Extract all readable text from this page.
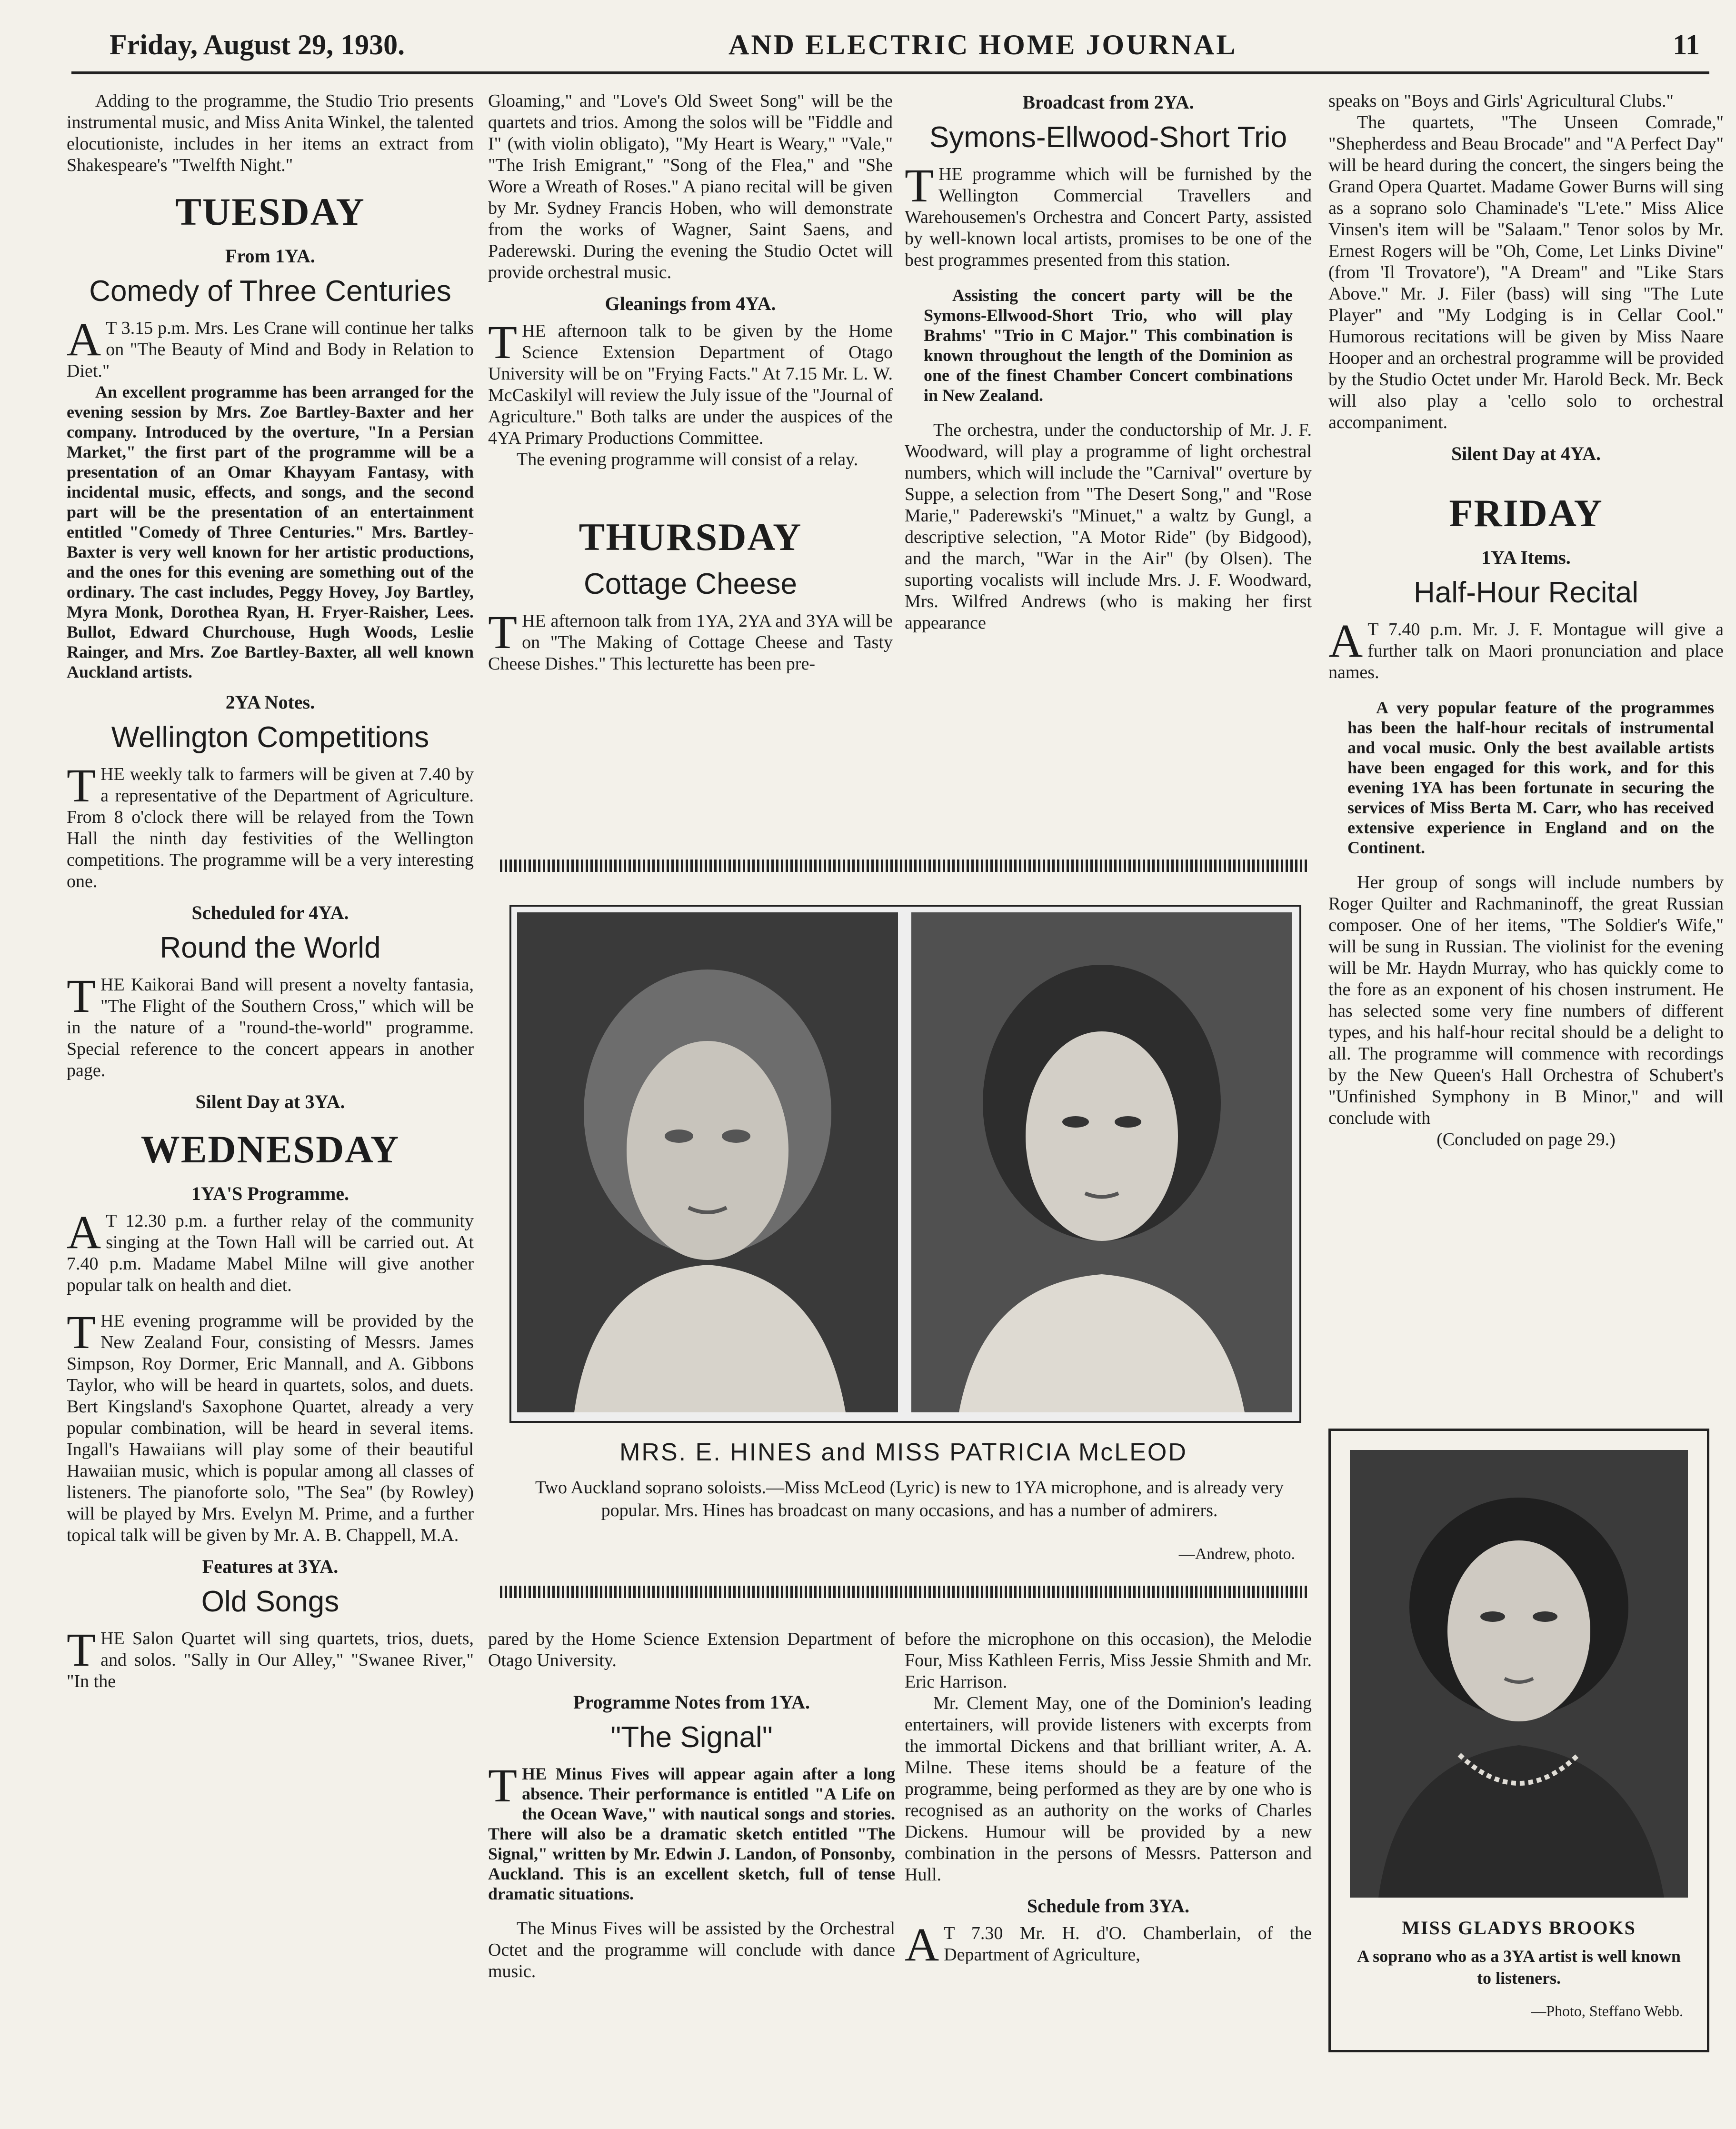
Friday, August 29, 1930.	AND ELECTRIC HOME JOURNAL	11

Adding to the programme, the Studio Trio presents instrumental music, and Miss Anita Winkel, the talented elocutioniste, includes in her items an extract from Shakespeare's "Twelfth Night."

TUESDAY
From 1YA.
Comedy of Three Centuries

A T 3.15 p.m. Mrs. Les Crane will continue her talks on "The Beauty of Mind and Body in Relation to Diet."

An excellent programme has been arranged for the evening session by Mrs. Zoe Bartley-Baxter and her company. Introduced by the overture, "In a Persian Market," the first part of the programme will be a presentation of an Omar Khayyam Fantasy, with incidental music, effects, and songs, and the second part will be the presentation of an entertainment entitled "Comedy of Three Centuries." Mrs. Bartley-Baxter is very well known for her artistic productions, and the ones for this evening are something out of the ordinary. The cast includes, Peggy Hovey, Joy Bartley, Myra Monk, Dorothea Ryan, H. Fryer-Raisher, Lees. Bullot, Edward Churchouse, Hugh Woods, Leslie Rainger, and Mrs. Zoe Bartley-Baxter, all well known Auckland artists.

2YA Notes.
Wellington Competitions

THE weekly talk to farmers will be given at 7.40 by a representative of the Department of Agriculture. From 8 o'clock there will be relayed from the Town Hall the ninth day festivities of the Wellington competitions. The programme will be a very interesting one.

Scheduled for 4YA.
Round the World

THE Kaikorai Band will present a novelty fantasia, "The Flight of the Southern Cross," which will be in the nature of a "round-the-world" programme. Special reference to the concert appears in another page.

Silent Day at 3YA.
WEDNESDAY
1YA'S Programme.

A T 12.30 p.m. a further relay of the community singing at the Town Hall will be carried out. At 7.40 p.m. Madame Mabel Milne will give another popular talk on health and diet.

THE evening programme will be provided by the New Zealand Four, consisting of Messrs. James Simpson, Roy Dormer, Eric Mannall, and A. Gibbons Taylor, who will be heard in quartets, solos, and duets. Bert Kingsland's Saxophone Quartet, already a very popular combination, will be heard in several items. Ingall's Hawaiians will play some of their beautiful Hawaiian music, which is popular among all classes of listeners. The pianoforte solo, "The Sea" (by Rowley) will be played by Mrs. Evelyn M. Prime, and a further topical talk will be given by Mr. A. B. Chappell, M.A.

Features at 3YA.
Old Songs

THE Salon Quartet will sing quartets, trios, duets, and solos. "Sally in Our Alley," "Swanee River," "In the

Gloaming," and "Love's Old Sweet Song" will be the quartets and trios. Among the solos will be "Fiddle and I" (with violin obligato), "My Heart is Weary," "Vale," "The Irish Emigrant," "Song of the Flea," and "She Wore a Wreath of Roses." A piano recital will be given by Mr. Sydney Francis Hoben, who will demonstrate from the works of Wagner, Saint Saens, and Paderewski. During the evening the Studio Octet will provide orchestral music.

Gleanings from 4YA.

THE afternoon talk to be given by the Home Science Extension Department of Otago University will be on "Frying Facts." At 7.15 Mr. L. W. McCaskilyl will review the July issue of the "Journal of Agriculture." Both talks are under the auspices of the 4YA Primary Productions Committee.

The evening programme will consist of a relay.

THURSDAY
Cottage Cheese

THE afternoon talk from 1YA, 2YA and 3YA will be on "The Making of Cottage Cheese and Tasty Cheese Dishes." This lecturette has been pre-

Broadcast from 2YA.
Symons-Ellwood-Short Trio

THE programme which will be furnished by the Wellington Commercial Travellers and Warehousemen's Orchestra and Concert Party, assisted by well-known local artists, promises to be one of the best programmes presented from this station.

Assisting the concert party will be the Symons-Ellwood-Short Trio, who will play Brahms' "Trio in C Major." This combination is known throughout the length of the Dominion as one of the finest Chamber Concert combinations in New Zealand.

The orchestra, under the conductorship of Mr. J. F. Woodward, will play a programme of light orchestral numbers, which will include the "Carnival" overture by Suppe, a selection from "The Desert Song," and "Rose Marie," Paderewski's "Minuet," a waltz by Gungl, a descriptive selection, "A Motor Ride" (by Bidgood), and the march, "War in the Air" (by Olsen). The suporting vocalists will include Mrs. J. F. Woodward, Mrs. Wilfred Andrews (who is making her first appearance

speaks on "Boys and Girls' Agricultural Clubs."

The quartets, "The Unseen Comrade," "Shepherdess and Beau Brocade" and "A Perfect Day" will be heard during the concert, the singers being the Grand Opera Quartet. Madame Gower Burns will sing as a soprano solo Chaminade's "L'ete." Miss Alice Vinsen's item will be "Salaam." Tenor solos by Mr. Ernest Rogers will be "Oh, Come, Let Links Divine" (from 'Il Trovatore'), "A Dream" and "Like Stars Above." Mr. J. Filer (bass) will sing "The Lute Player" and "My Lodging is in Cellar Cool." Humorous recitations will be given by Miss Naare Hooper and an orchestral programme will be provided by the Studio Octet under Mr. Harold Beck. Mr. Beck will also play a 'cello solo to orchestral accompaniment.

Silent Day at 4YA.
FRIDAY
1YA Items.
Half-Hour Recital

A T 7.40 p.m. Mr. J. F. Montague will give a further talk on Maori pronunciation and place names.

A very popular feature of the programmes has been the half-hour recitals of instrumental and vocal music. Only the best available artists have been engaged for this work, and for this evening 1YA has been fortunate in securing the services of Miss Berta M. Carr, who has received extensive experience in England and on the Continent.

Her group of songs will include numbers by Roger Quilter and Rachmaninoff, the great Russian composer. One of her items, "The Soldier's Wife," will be sung in Russian. The violinist for the evening will be Mr. Haydn Murray, who has quickly come to the fore as an exponent of his chosen instrument. He has selected some very fine numbers of different types, and his half-hour recital should be a delight to all. The programme will commence with recordings by the New Queen's Hall Orchestra of Schubert's "Unfinished Symphony in B Minor," and will conclude with

(Concluded on page 29.)

MRS. E. HINES and MISS PATRICIA McLEOD
Two Auckland soprano soloists.—Miss McLeod (Lyric) is new to 1YA microphone, and is already very popular. Mrs. Hines has broadcast on many occasions, and has a number of admirers.
—Andrew, photo.

pared by the Home Science Extension Department of Otago University.

Programme Notes from 1YA.
"The Signal"

THE Minus Fives will appear again after a long absence. Their performance is entitled "A Life on the Ocean Wave," with nautical songs and stories. There will also be a dramatic sketch entitled "The Signal," written by Mr. Edwin J. Landon, of Ponsonby, Auckland. This is an excellent sketch, full of tense dramatic situations.

The Minus Fives will be assisted by the Orchestral Octet and the programme will conclude with dance music.

before the microphone on this occasion), the Melodie Four, Miss Kathleen Ferris, Miss Jessie Shmith and Mr. Eric Harrison.

Mr. Clement May, one of the Dominion's leading entertainers, will provide listeners with excerpts from the immortal Dickens and that brilliant writer, A. A. Milne. These items should be a feature of the programme, being performed as they are by one who is recognised as an authority on the works of Charles Dickens. Humour will be provided by a new combination in the persons of Messrs. Patterson and Hull.

Schedule from 3YA.

A T 7.30 Mr. H. d'O. Chamberlain, of the Department of Agriculture,

MISS GLADYS BROOKS
A soprano who as a 3YA artist is well known to listeners.
—Photo, Steffano Webb.
